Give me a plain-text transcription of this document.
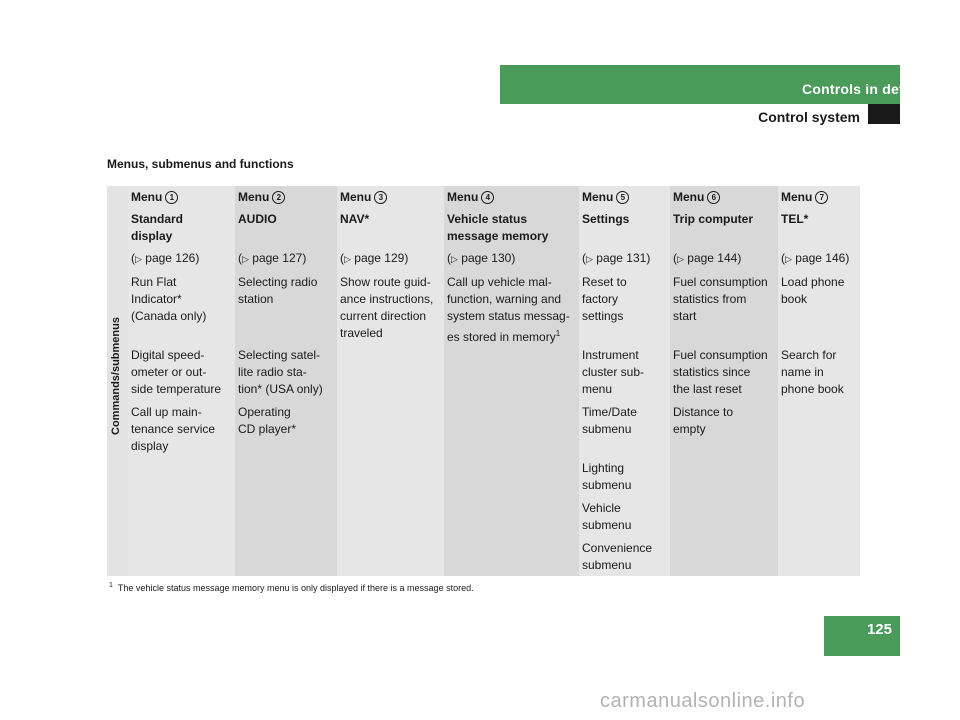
Controls in detail
Control system
Menus, submenus and functions
Commands/submenus
Menu 1
Standard
display
(▷ page 126)
Run Flat
Indicator*
(Canada only)
Digital speed-
ometer or out-
side temperature
Call up main-
tenance service
display
Menu 2
AUDIO
(▷ page 127)
Selecting radio
station
Selecting satel-
lite radio sta-
tion* (USA only)
Operating
CD player*
Menu 3
NAV*
(▷ page 129)
Show route guid-
ance instructions,
current direction
traveled
Menu 4
Vehicle status
message memory
(▷ page 130)
Call up vehicle mal-
function, warning and
system status messag-
es stored in memory$^1$
Menu 5
Settings
(▷ page 131)
Reset to
factory
settings
Instrument
cluster sub-
menu
Time/Date
submenu
Lighting
submenu
Vehicle
submenu
Convenience
submenu
Menu 6
Trip computer
(▷ page 144)
Fuel consumption
statistics from
start
Fuel consumption
statistics since
the last reset
Distance to
empty
Menu 7
TEL*
(▷ page 146)
Load phone
book
Search for
name in
phone book
$^1$ The vehicle status message memory menu is only displayed if there is a message stored.
125
carmanualsonline.info
